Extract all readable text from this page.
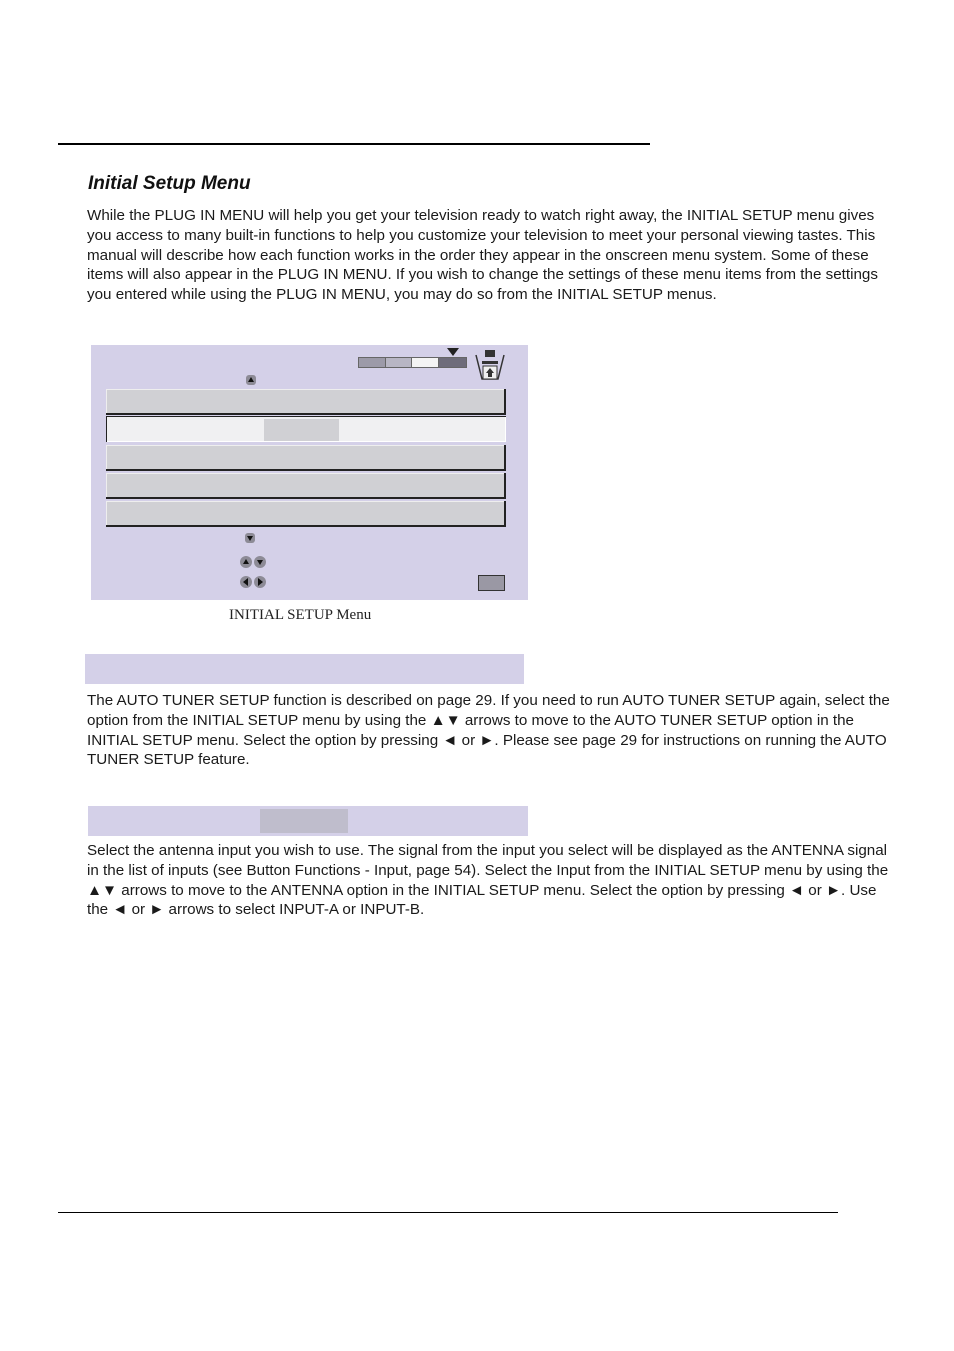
Initial Setup Menu

While the PLUG IN MENU will help you get your television ready to watch right away, the INITIAL SETUP menu gives you access to many built-in functions to help you customize your television to meet your personal viewing tastes. This manual will describe how each function works in the order they appear in the onscreen menu system. Some of these items will also appear in the PLUG IN MENU. If you wish to change the settings of these menu items from the settings you entered while using the PLUG IN MENU, you may do so from the INITIAL SETUP menus.

INITIAL SETUP Menu

The AUTO TUNER SETUP function is described on page 29. If you need to run AUTO TUNER SETUP again, select the option from the INITIAL SETUP menu by using the ▲▼ arrows to move to the AUTO TUNER SETUP option in the INITIAL SETUP menu. Select the option by pressing ◄ or ►. Please see page 29 for instructions on running the AUTO TUNER SETUP feature.

Select the antenna input you wish to use. The signal from the input you select will be displayed as the ANTENNA signal in the list of inputs (see Button Functions - Input, page 54). Select the Input from the INITIAL SETUP menu by using the ▲▼ arrows to move to the ANTENNA option in the INITIAL SETUP menu. Select the option by pressing ◄ or ►. Use the ◄ or ► arrows to select INPUT-A or INPUT-B.
